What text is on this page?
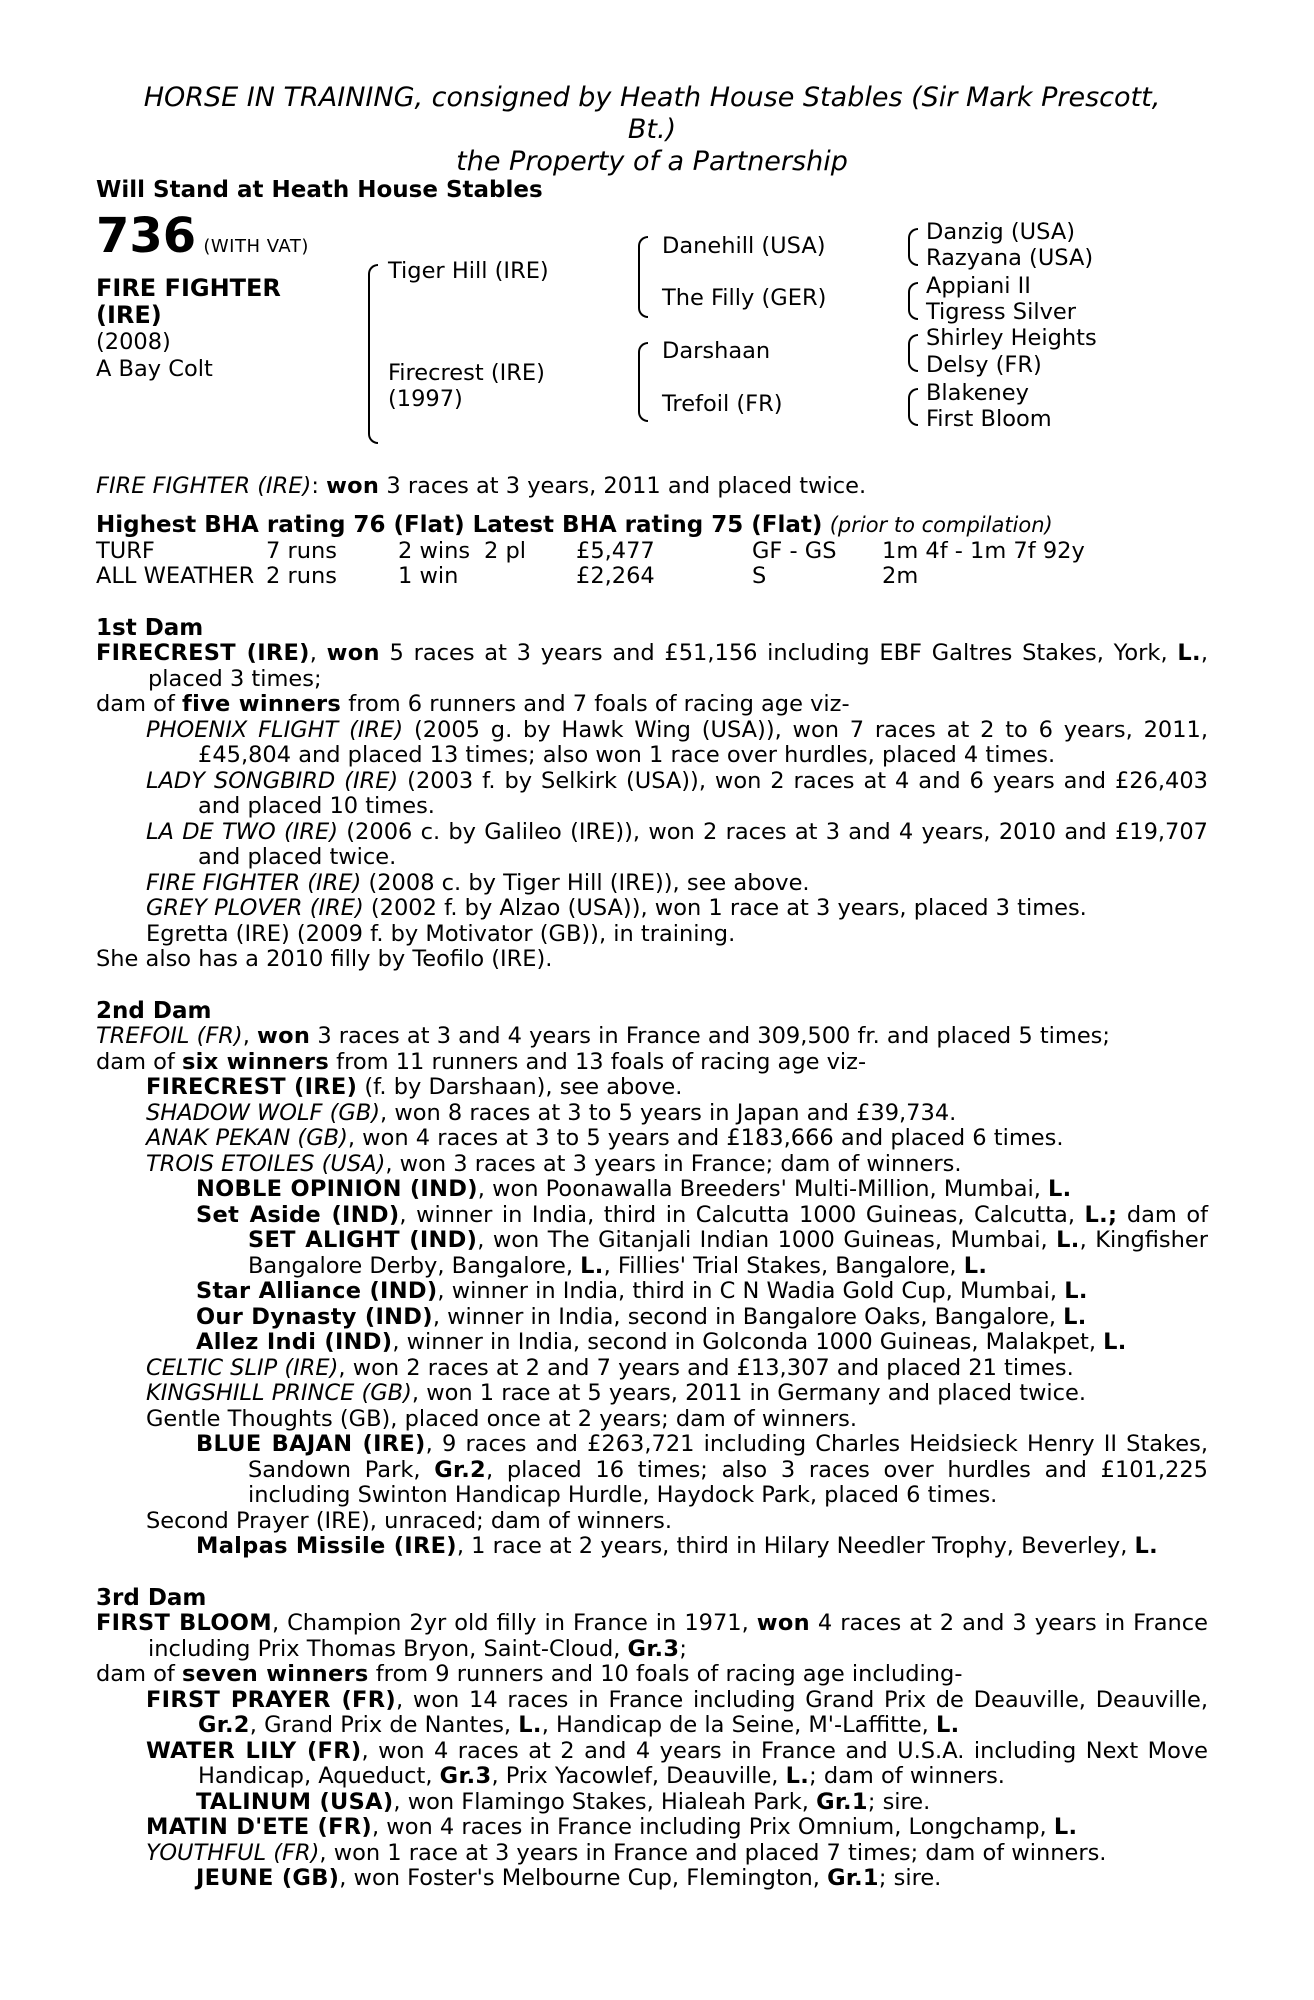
HORSE IN TRAINING, consigned by Heath House Stables (Sir Mark Prescott,
Bt.)
the Property of a Partnership
Will Stand at Heath House Stables
736 (WITH VAT)
FIRE FIGHTER
(IRE)
(2008)
A Bay Colt
Tiger Hill (IRE)
Firecrest (IRE)
(1997)
Danehill (USA)
The Filly (GER)
Darshaan
Trefoil (FR)
Danzig (USA)
Razyana (USA)
Appiani II
Tigress Silver
Shirley Heights
Delsy (FR)
Blakeney
First Bloom
FIRE FIGHTER (IRE): won 3 races at 3 years, 2011 and placed twice.
Highest BHA rating 76 (Flat) Latest BHA rating 75 (Flat) (prior to compilation)
TURF	7 runs	2 wins 2 pl	£5,477	GF - GS	1m 4f - 1m 7f 92y
ALL WEATHER 2 runs	1 win	£2,264	S	2m
1st Dam
FIRECREST (IRE), won 5 races at 3 years and £51,156 including EBF Galtres Stakes, York, L., placed 3 times;
dam of five winners from 6 runners and 7 foals of racing age viz-
PHOENIX FLIGHT (IRE) (2005 g. by Hawk Wing (USA)), won 7 races at 2 to 6 years, 2011, £45,804 and placed 13 times; also won 1 race over hurdles, placed 4 times.
LADY SONGBIRD (IRE) (2003 f. by Selkirk (USA)), won 2 races at 4 and 6 years and £26,403 and placed 10 times.
LA DE TWO (IRE) (2006 c. by Galileo (IRE)), won 2 races at 3 and 4 years, 2010 and £19,707 and placed twice.
FIRE FIGHTER (IRE) (2008 c. by Tiger Hill (IRE)), see above.
GREY PLOVER (IRE) (2002 f. by Alzao (USA)), won 1 race at 3 years, placed 3 times.
Egretta (IRE) (2009 f. by Motivator (GB)), in training.
She also has a 2010 filly by Teofilo (IRE).
2nd Dam
TREFOIL (FR), won 3 races at 3 and 4 years in France and 309,500 fr. and placed 5 times;
dam of six winners from 11 runners and 13 foals of racing age viz-
FIRECREST (IRE) (f. by Darshaan), see above.
SHADOW WOLF (GB), won 8 races at 3 to 5 years in Japan and £39,734.
ANAK PEKAN (GB), won 4 races at 3 to 5 years and £183,666 and placed 6 times.
TROIS ETOILES (USA), won 3 races at 3 years in France; dam of winners.
NOBLE OPINION (IND), won Poonawalla Breeders' Multi-Million, Mumbai, L.
Set Aside (IND), winner in India, third in Calcutta 1000 Guineas, Calcutta, L.; dam of SET ALIGHT (IND), won The Gitanjali Indian 1000 Guineas, Mumbai, L., Kingfisher Bangalore Derby, Bangalore, L., Fillies' Trial Stakes, Bangalore, L.
Star Alliance (IND), winner in India, third in C N Wadia Gold Cup, Mumbai, L.
Our Dynasty (IND), winner in India, second in Bangalore Oaks, Bangalore, L.
Allez Indi (IND), winner in India, second in Golconda 1000 Guineas, Malakpet, L.
CELTIC SLIP (IRE), won 2 races at 2 and 7 years and £13,307 and placed 21 times.
KINGSHILL PRINCE (GB), won 1 race at 5 years, 2011 in Germany and placed twice.
Gentle Thoughts (GB), placed once at 2 years; dam of winners.
BLUE BAJAN (IRE), 9 races and £263,721 including Charles Heidsieck Henry II Stakes, Sandown Park, Gr.2, placed 16 times; also 3 races over hurdles and £101,225 including Swinton Handicap Hurdle, Haydock Park, placed 6 times.
Second Prayer (IRE), unraced; dam of winners.
Malpas Missile (IRE), 1 race at 2 years, third in Hilary Needler Trophy, Beverley, L.
3rd Dam
FIRST BLOOM, Champion 2yr old filly in France in 1971, won 4 races at 2 and 3 years in France including Prix Thomas Bryon, Saint-Cloud, Gr.3;
dam of seven winners from 9 runners and 10 foals of racing age including-
FIRST PRAYER (FR), won 14 races in France including Grand Prix de Deauville, Deauville, Gr.2, Grand Prix de Nantes, L., Handicap de la Seine, M'-Laffitte, L.
WATER LILY (FR), won 4 races at 2 and 4 years in France and U.S.A. including Next Move Handicap, Aqueduct, Gr.3, Prix Yacowlef, Deauville, L.; dam of winners.
TALINUM (USA), won Flamingo Stakes, Hialeah Park, Gr.1; sire.
MATIN D'ETE (FR), won 4 races in France including Prix Omnium, Longchamp, L.
YOUTHFUL (FR), won 1 race at 3 years in France and placed 7 times; dam of winners.
JEUNE (GB), won Foster's Melbourne Cup, Flemington, Gr.1; sire.
